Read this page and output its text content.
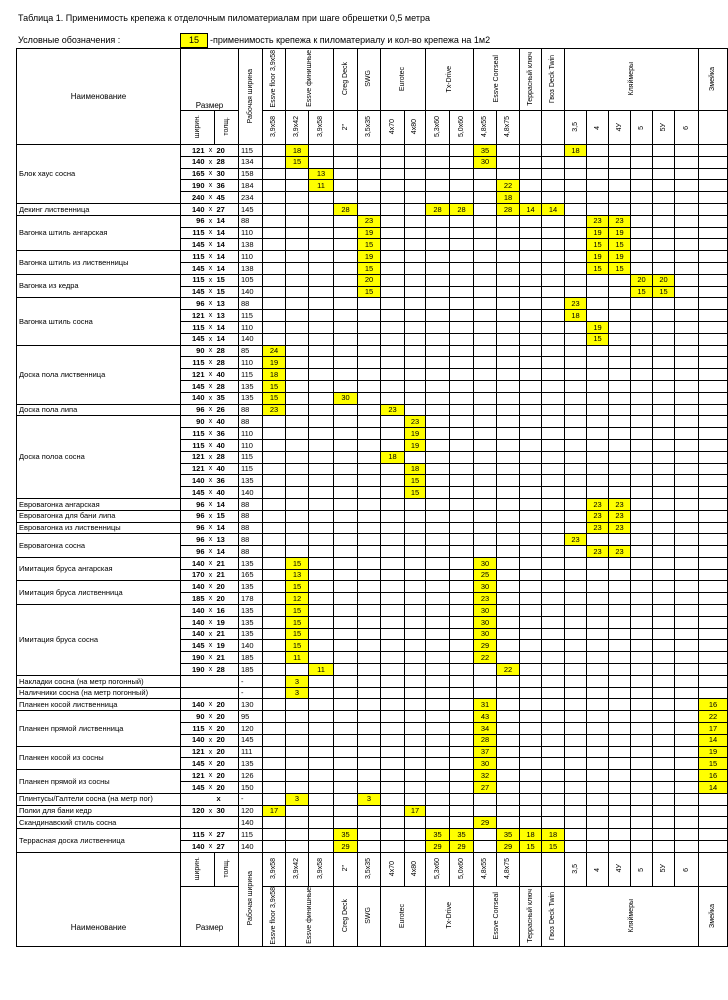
Таблица 1. Применимость крепежа к отделочным пиломатериалам при шаге обрешетки 0,5 метра
Условные обозначения :	15	-применимость крепежа к пиломатериалу и кол-во крепежа на 1м2
Наименование	Размер			Рабочая ширина	Essve floor 3,9x58	Essve финишные		Creg Deck	SWG	Eurotec		Tx-Drive		Essve Corrseal		Террасный ключ	Гвоз Deck Twin	Кляймеры						Змейка
	ширин.		толщ.		3,9x58	3,9x42	3,9x58	2"	3,5x35	4x70	4x80	5,3x60	5,0x60	4,8x55	4,8x75			3,5	4	4У	5	5У	6	
Блок хаус сосна	121	x	20	115		18								35				18						
	140	x	28	134		15								30										
	165	x	30	158			13																	
	190	x	36	184			11								22									
	240	x	45	234											18									
Декинг лиственница	140	x	27	145				28				28	28		28	14	14							
Вагонка штиль ангарская	96	x	14	88					23										23	23				
	115	x	14	110					19										19	19				
	145	x	14	138					15										15	15				
Вагонка штиль из лиственницы	115	x	14	110					19										19	19				
	145	x	14	138					15										15	15				
Вагонка из кедра	115	x	15	105					20												20	20		
	145	x	15	140					15												15	15		
Вагонка штиль сосна	96	x	13	88														23						
	121	x	13	115														18						
	115	x	14	110															19					
	145	x	14	140															15					
Доска пола лиственница	90	x	28	85	24																			
	115	x	28	110	19																			
	121	x	40	115	18																			
	145	x	28	135	15																			
	140	x	35	135	15			30																
Доска пола липа	96	x	26	88	23					23														
Доска полоа сосна	90	x	40	88							23													
	115	x	36	110							19													
	115	x	40	110							19													
	121	x	28	115						18														
	121	x	40	115							18													
	140	x	36	135							15													
	145	x	40	140							15													
Евровагонка ангарская	96	x	14	88															23	23				
Евровагонка для бани липа	96	x	15	88															23	23				
Евровагонка из лиственницы	96	x	14	88															23	23				
Евровагонка сосна	96	x	13	88														23						
	96	x	14	88															23	23				
Имитация бруса ангарская	140	x	21	135		15								30										
	170	x	21	165		13								25										
Имитация бруса лиственница	140	x	20	135		15								30										
	185	x	20	178		12								23										
Имитация бруса сосна	140	x	16	135		15								30										
	140	x	19	135		15								30										
	140	x	21	135		15								30										
	145	x	19	140		15								29										
	190	x	21	185		11								22										
	190	x	28	185			11								22									
Накладки сосна (на метр погонный)				-		3																		
Наличники сосна (на метр погонный)				-		3																		
Планкен косой лиственница	140	x	20	130										31										16
Планкен прямой лиственница	90	x	20	95										43										22
	115	x	20	120										34										17
	140	x	20	145										28										14
Планкен косой из сосны	121	x	20	111										37										19
	145	x	20	135										30										15
Планкен прямой из сосны	121	x	20	126										32										16
	145	x	20	150										27										14
Плинтусы/Галтели сосна (на метр пог)			x	-		3			3															
Полки для бани кедр	120	x	30	120	17						17													
Скандинавский стиль сосна				140										29										
Террасная доска лиственница	115	x	27	115				35				35	35		35	18	18							
	140	x	27	140				29				29	29		29	15	15							
Наименование	ширин.		толщ.	Рабочая ширина	3,9x58	3,9x42	3,9x58	2"	3,5x35	4x70	4x80	5,3x60	5,0x60	4,8x55	4,8x75			3,5	4	4У	5	5У	6	
	Размер				Essve floor 3,9x58	Essve финишные		Creg Deck	SWG	Eurotec		Tx-Drive		Essve Corrseal		Террасный ключ	Гвоз Deck Twin	Кляймеры						Змейка
